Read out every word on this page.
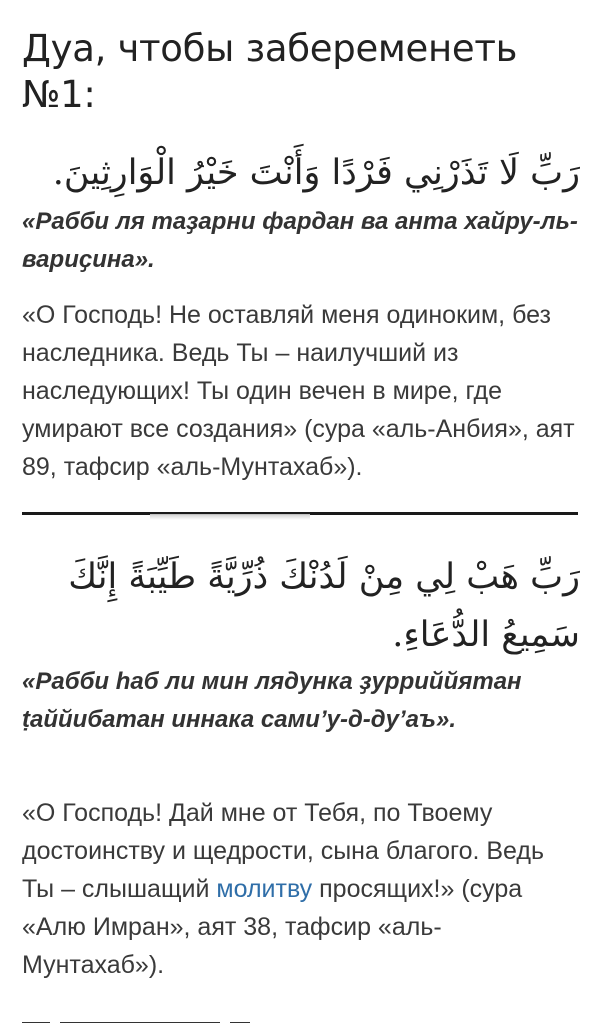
Дуа, чтобы забеременеть №1:
رَبِّ لَا تَذَرْنِي فَرْدًا وَأَنْتَ خَيْرُ الْوَارِثِينَ.
«Рабби ля таҙарни фардан ва анта хайру-ль-вариҫина».
«О Господь! Не оставляй меня одиноким, без наследника. Ведь Ты – наилучший из наследующих! Ты один вечен в мире, где умирают все создания» (сура «аль-Анбия», аят 89, тафсир «аль-Мунтахаб»).
رَبِّ هَبْ لِي مِنْ لَدُنْكَ ذُرِّيَّةً طَيِّبَةً إِنَّكَ سَمِيعُ الدُّعَاءِ.
«Рабби hаб ли мин лядунка ҙурриййятан ṭаййибатан иннака сами’у-д-ду’аъ».
«О Господь! Дай мне от Тебя, по Твоему достоинству и щедрости, сына благого. Ведь Ты – слышащий молитву просящих!» (сура «Алю Имран», аят 38, тафсир «аль-Мунтахаб»).
